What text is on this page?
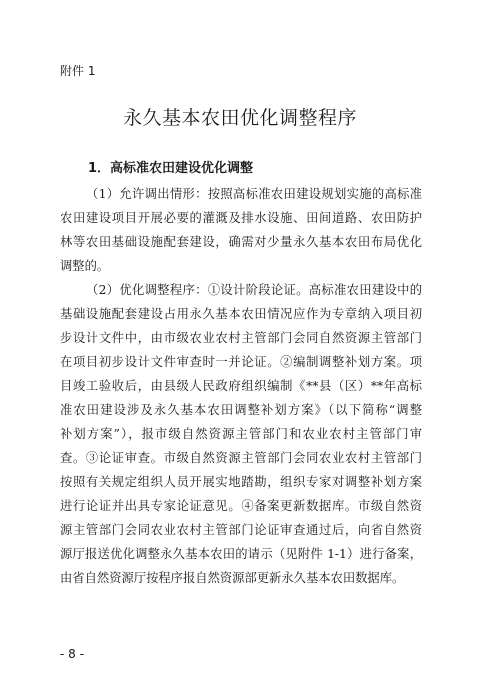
附件 1
永久基本农田优化调整程序
1．高标准农田建设优化调整
（1）允许调出情形：按照高标准农田建设规划实施的高标准
农田建设项目开展必要的灌溉及排水设施、田间道路、农田防护
林等农田基础设施配套建设，确需对少量永久基本农田布局优化
调整的。
（2）优化调整程序：①设计阶段论证。高标准农田建设中的
基础设施配套建设占用永久基本农田情况应作为专章纳入项目初
步设计文件中，由市级农业农村主管部门会同自然资源主管部门
在项目初步设计文件审查时一并论证。②编制调整补划方案。项
目竣工验收后，由县级人民政府组织编制《**县（区）**年高标
准农田建设涉及永久基本农田调整补划方案》（以下简称“调整
补划方案”），报市级自然资源主管部门和农业农村主管部门审
查。③论证审查。市级自然资源主管部门会同农业农村主管部门
按照有关规定组织人员开展实地踏勘，组织专家对调整补划方案
进行论证并出具专家论证意见。④备案更新数据库。市级自然资
源主管部门会同农业农村主管部门论证审查通过后，向省自然资
源厅报送优化调整永久基本农田的请示（见附件 1-1）进行备案，
由省自然资源厅按程序报自然资源部更新永久基本农田数据库。
- 8 -
